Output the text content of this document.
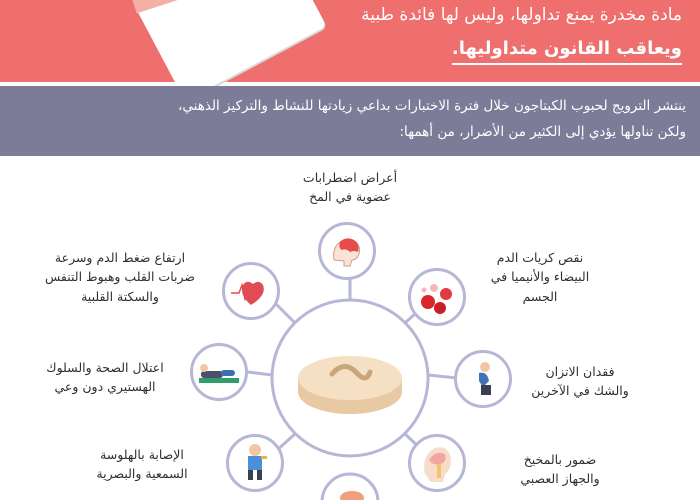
مادة مخدرة يمنع تداولها، وليس لها فائدة طبية
ويعاقب القانون متداوليها.
ينتشر الترويج لحبوب الكبتاجون خلال فترة الاختبارات بداعي زيادتها للنشاط والتركيز الذهني،
ولكن تناولها يؤدي إلى الكثير من الأضرار، من أهمها:
أعراض اضطرابات
عضوية في المخ
ارتفاع ضغط الدم وسرعة
ضربات القلب وهبوط التنفس
والسكتة القلبية
نقص كريات الدم
البيضاء والأنيميا في
الجسم
اعتلال الصحة والسلوك
الهستيري دون وعي
فقدان الاتزان
والشك في الآخرين
الإصابة بالهلوسة
السمعية والبصرية
ضمور بالمخيخ
والجهاز العصبي
